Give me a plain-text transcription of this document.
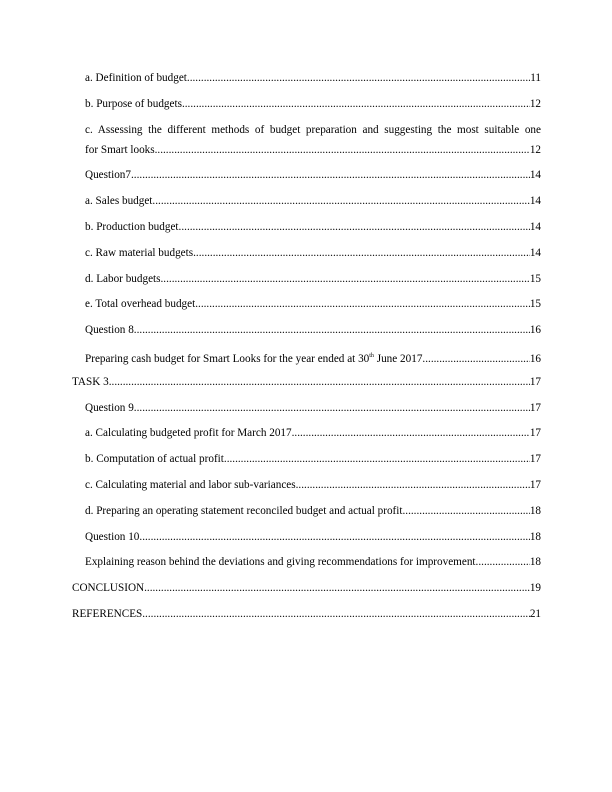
a. Definition of budget .....	11
b. Purpose of budgets .....	12
c. Assessing the different methods of budget preparation and suggesting the most suitable one
for Smart looks .....	12
Question7 .....	14
a. Sales budget .....	14
b. Production budget .....	14
c. Raw material budgets .....	14
d. Labor budgets .....	15
e. Total overhead budget .....	15
Question 8 .....	16
Preparing cash budget for Smart Looks for the year ended at 30th June 2017 .....	16
TASK 3 .....	17
Question 9 .....	17
a. Calculating budgeted profit for March 2017 .....	17
b. Computation of actual profit .....	17
c. Calculating material and labor sub-variances .....	17
d. Preparing an operating statement reconciled budget and actual profit .....	18
Question 10 .....	18
Explaining reason behind the deviations and giving recommendations for improvement .....	18
CONCLUSION .....	19
REFERENCES .....	21
